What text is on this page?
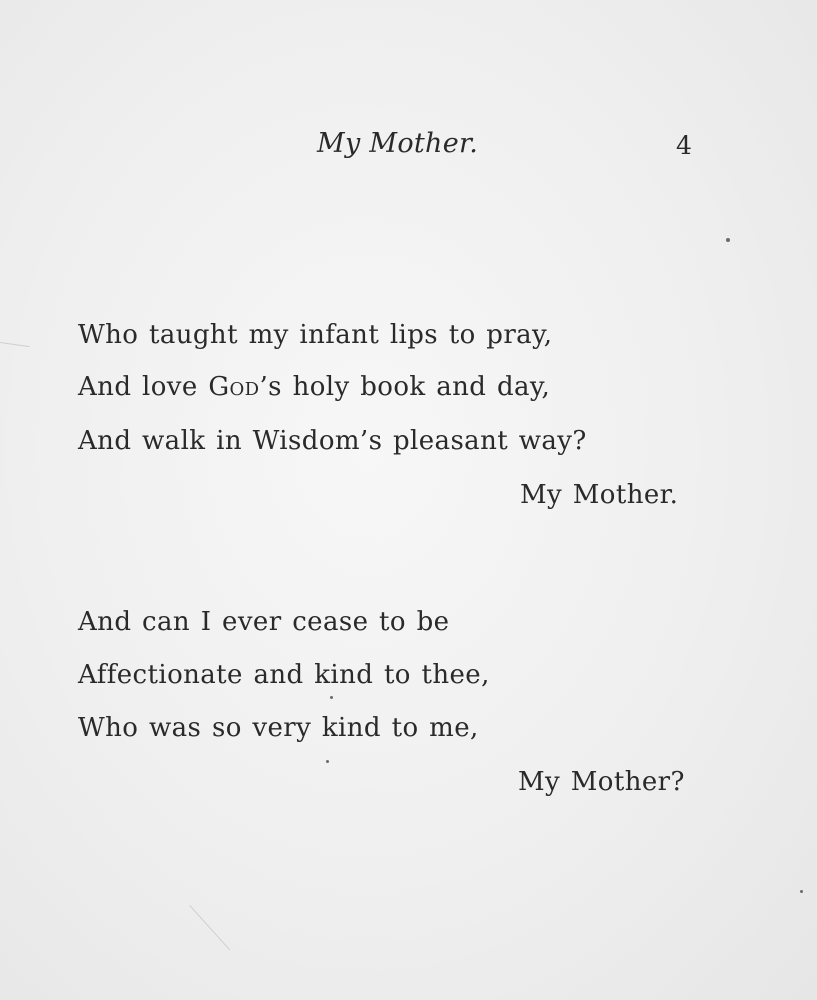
My Mother.	4
Who taught my infant lips to pray,
And love God’s holy book and day,
And walk in Wisdom’s pleasant way?
My Mother.
And can I ever cease to be
Affectionate and kind to thee,
Who was so very kind to me,
My Mother?
